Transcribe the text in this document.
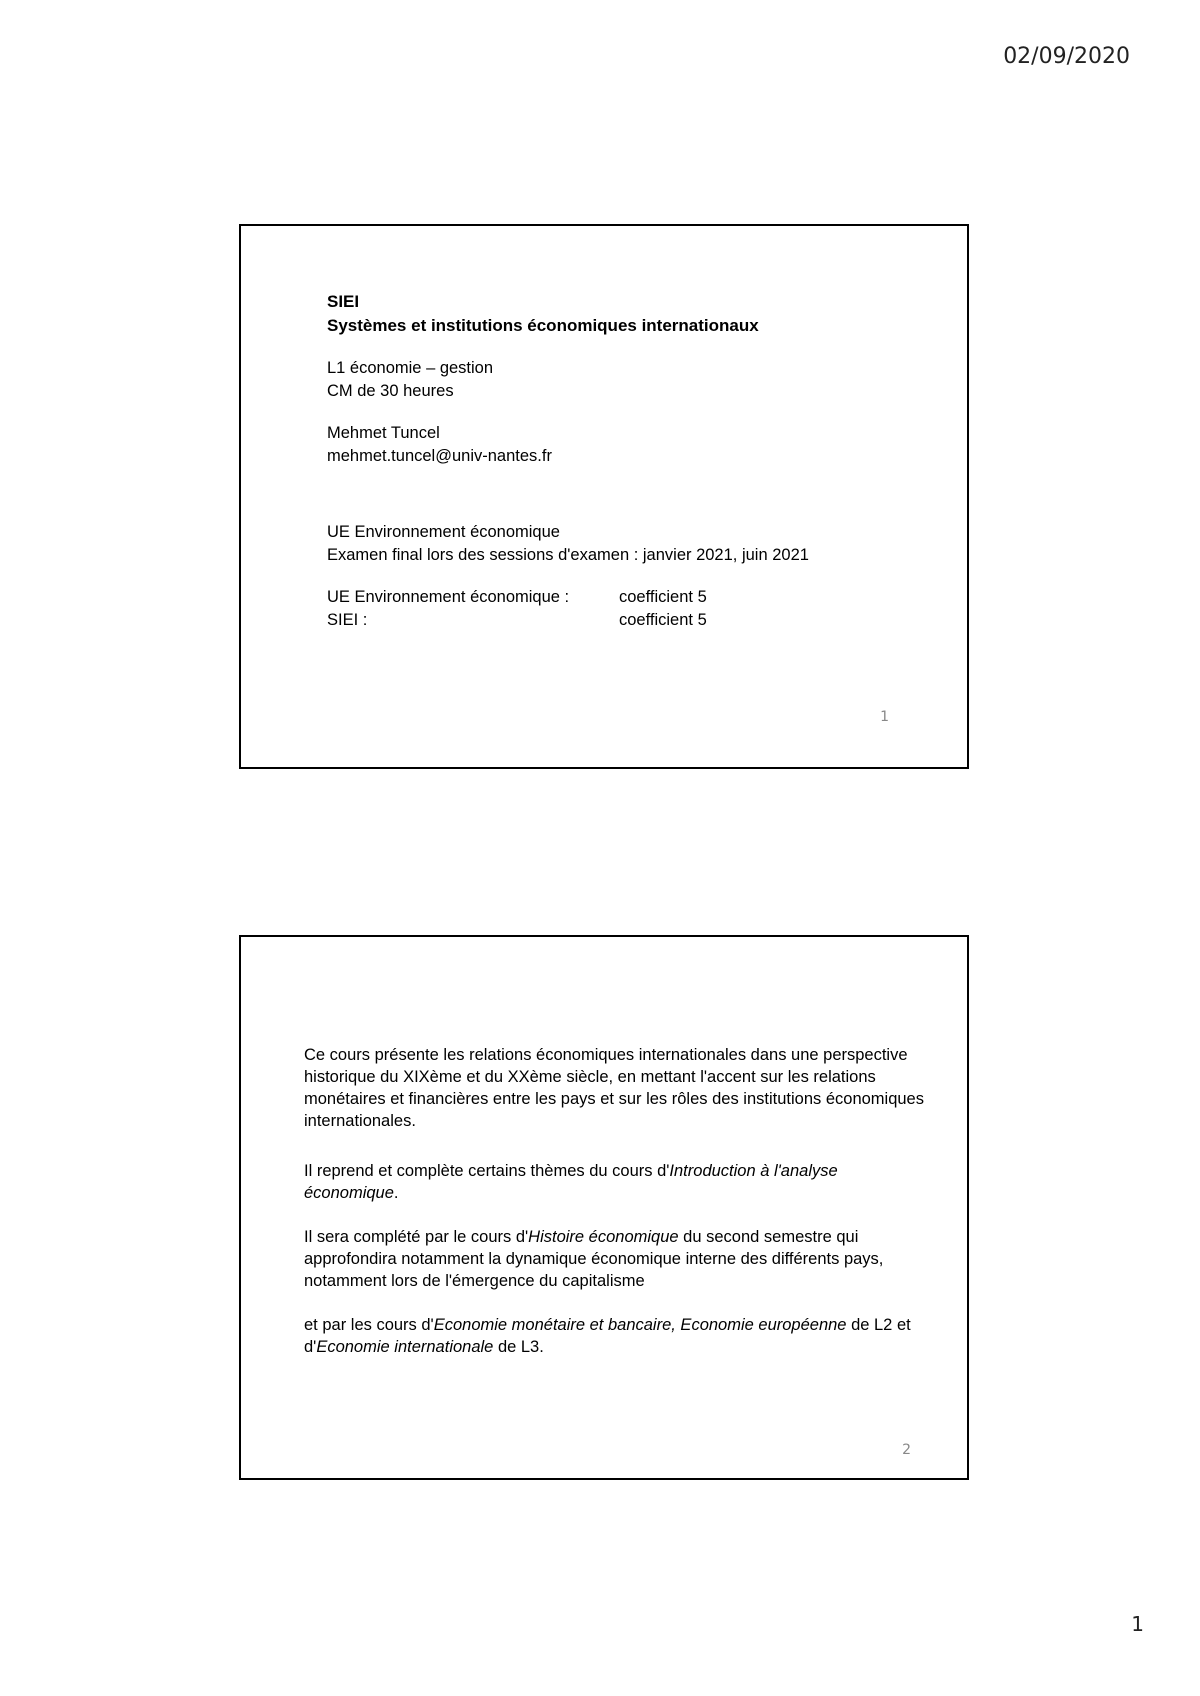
02/09/2020
SIEI
Systèmes et institutions économiques internationaux
L1 économie – gestion
CM de 30 heures
Mehmet Tuncel
mehmet.tuncel@univ-nantes.fr
UE Environnement économique
Examen final lors des sessions d'examen : janvier 2021, juin 2021
UE Environnement économique :	coefficient 5
SIEI :	coefficient 5
1

Ce cours présente les relations économiques internationales dans une perspective historique du XIXème et du XXème siècle, en mettant l'accent sur les relations monétaires et financières entre les pays et sur les rôles des institutions économiques internationales.

Il reprend et complète certains thèmes du cours d'Introduction à l'analyse économique.

Il sera complété par le cours d'Histoire économique du second semestre qui approfondira notamment la dynamique économique interne des différents pays, notamment lors de l'émergence du capitalisme

et par les cours d'Economie monétaire et bancaire, Economie européenne de L2 et d'Economie internationale de L3.

2
1
